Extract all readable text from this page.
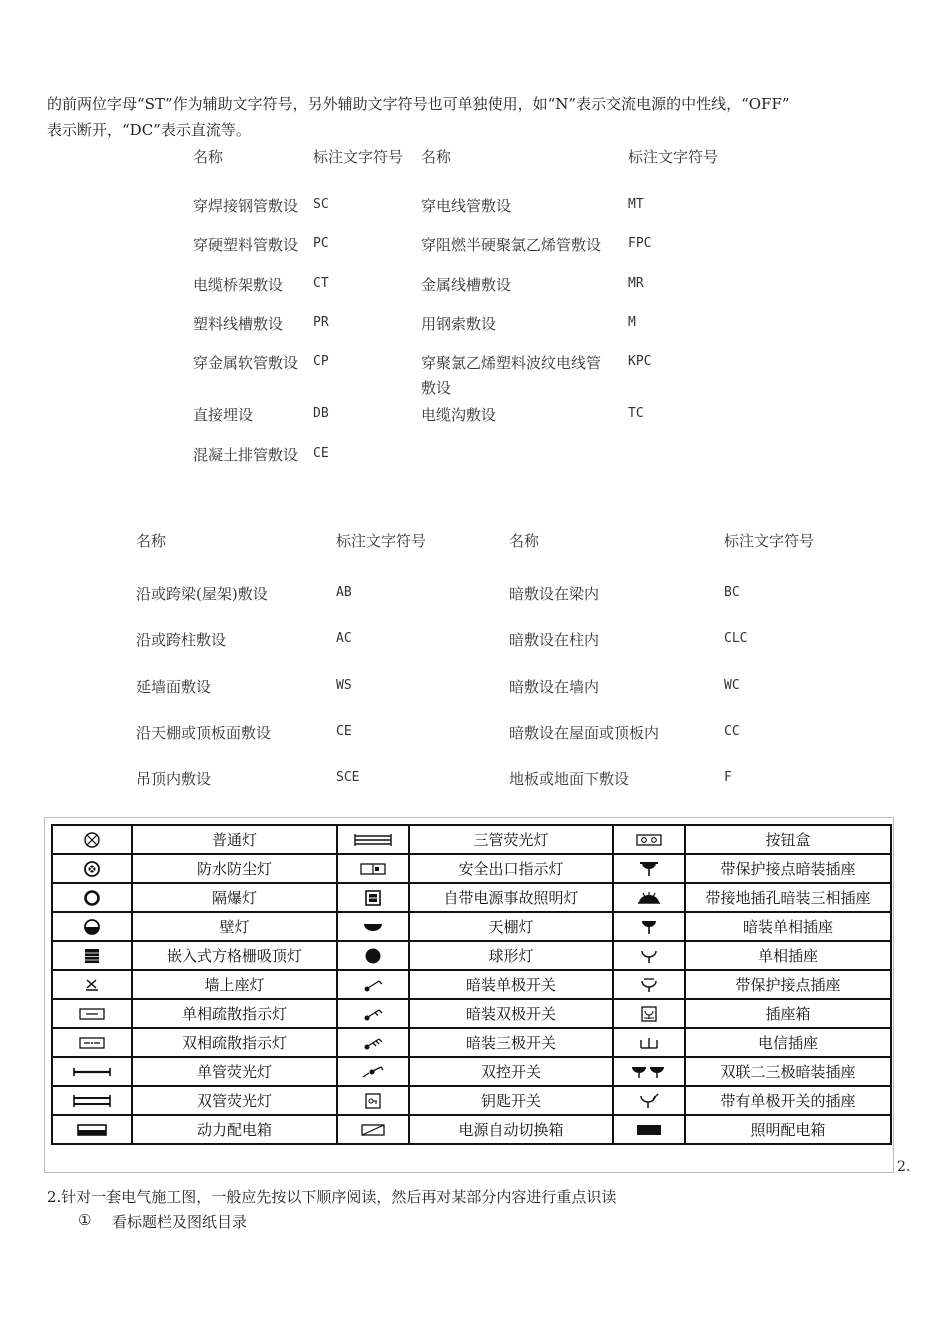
的前两位字母“ST”作为辅助文字符号，另外辅助文字符号也可单独使用，如“N”表示交流电源的中性线，“OFF”
表示断开，“DC”表示直流等。
名称	标注文字符号 名称	标注文字符号
穿焊接钢管敷设 SC	穿电线管敷设	MT
穿硬塑料管敷设 PC	穿阻燃半硬聚氯乙烯管敷设 FPC
电缆桥架敷设 CT	金属线槽敷设	MR
塑料线槽敷设 PR	用钢索敷设	M
穿金属软管敷设 CP	穿聚氯乙烯塑料波纹电线管 KPC
敷设
直接埋设	DB	电缆沟敷设	TC
混凝土排管敷设 CE
名称	标注文字符号	名称	标注文字符号
沿或跨梁(屋架)敷设	AB	暗敷设在梁内	BC
沿或跨柱敷设	AC	暗敷设在柱内	CLC
延墙面敷设	WS	暗敷设在墙内	WC
沿天棚或顶板面敷设	CE	暗敷设在屋面或顶板内	CC
吊顶内敷设	SCE	地板或地面下敷设	F
	普通灯		三管荧光灯		按钮盒

	防水防尘灯		安全出口指示灯		带保护接点暗装插座

	隔爆灯		自带电源事故照明灯		带接地插孔暗装三相插座

	壁灯		天棚灯		暗装单相插座

	嵌入式方格栅吸顶灯		球形灯		单相插座

	墙上座灯		暗装单极开关		带保护接点插座

	单相疏散指示灯		暗装双极开关		插座箱

	双相疏散指示灯		暗装三极开关		电信插座

	单管荧光灯		双控开关		双联二三极暗装插座

	双管荧光灯		钥匙开关		带有单极开关的插座

	动力配电箱		电源自动切换箱		照明配电箱
2.
2.针对一套电气施工图，一般应先按以下顺序阅读，然后再对某部分内容进行重点识读
① 看标题栏及图纸目录
